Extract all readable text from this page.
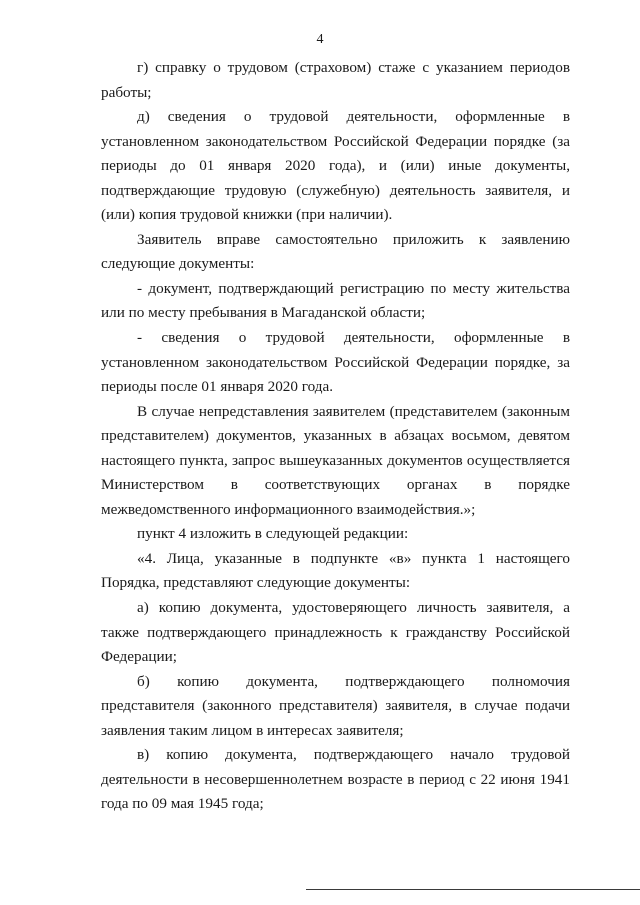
4

г) справку о трудовом (страховом) стаже с указанием периодов работы;

д) сведения о трудовой деятельности, оформленные в установленном законодательством Российской Федерации порядке (за периоды до 01 января 2020 года), и (или) иные документы, подтверждающие трудовую (служебную) деятельность заявителя, и (или) копия трудовой книжки (при наличии).

Заявитель вправе самостоятельно приложить к заявлению следующие документы:

- документ, подтверждающий регистрацию по месту жительства или по месту пребывания в Магаданской области;

- сведения о трудовой деятельности, оформленные в установленном законодательством Российской Федерации порядке, за периоды после 01 января 2020 года.

В случае непредставления заявителем (представителем (законным представителем) документов, указанных в абзацах восьмом, девятом настоящего пункта, запрос вышеуказанных документов осуществляется Министерством в соответствующих органах в порядке межведомственного информационного взаимодействия.»;

пункт 4 изложить в следующей редакции:

«4. Лица, указанные в подпункте «в» пункта 1 настоящего Порядка, представляют следующие документы:

а) копию документа, удостоверяющего личность заявителя, а также подтверждающего принадлежность к гражданству Российской Федерации;

б) копию документа, подтверждающего полномочия представителя (законного представителя) заявителя, в случае подачи заявления таким лицом в интересах заявителя;

в) копию документа, подтверждающего начало трудовой деятельности в несовершеннолетнем возрасте в период с 22 июня 1941 года по 09 мая 1945 года;
